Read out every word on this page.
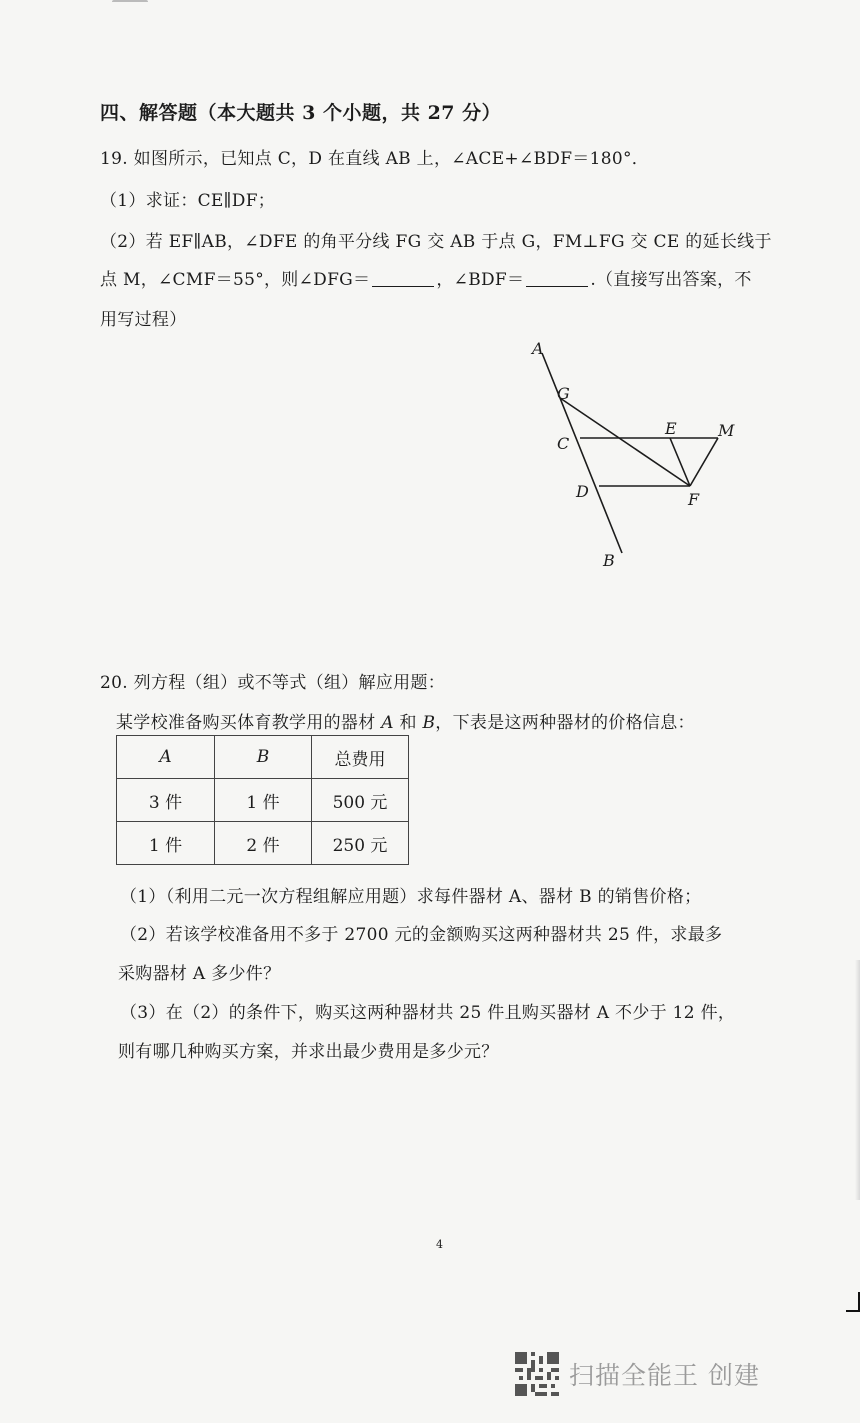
四、解答题（本大题共 3 个小题，共 27 分）
19. 如图所示，已知点 C，D 在直线 AB 上，∠ACE+∠BDF＝180°．
（1）求证：CE∥DF；
（2）若 EF∥AB，∠DFE 的角平分线 FG 交 AB 于点 G，FM⊥FG 交 CE 的延长线于
点 M，∠CMF＝55°，则∠DFG＝	，∠BDF＝	.（直接写出答案，不
用写过程）
A
G
C
E	M
D	F
B
20. 列方程（组）或不等式（组）解应用题：
某学校准备购买体育教学用的器材 A 和 B，下表是这两种器材的价格信息：
A	B	总费用
3 件	1 件	500 元
1 件	2 件	250 元
（1）（利用二元一次方程组解应用题）求每件器材 A、器材 B 的销售价格；
（2）若该学校准备用不多于 2700 元的金额购买这两种器材共 25 件，求最多
采购器材 A 多少件？
（3）在（2）的条件下，购买这两种器材共 25 件且购买器材 A 不少于 12 件，
则有哪几种购买方案，并求出最少费用是多少元？
4
扫描全能王 创建
